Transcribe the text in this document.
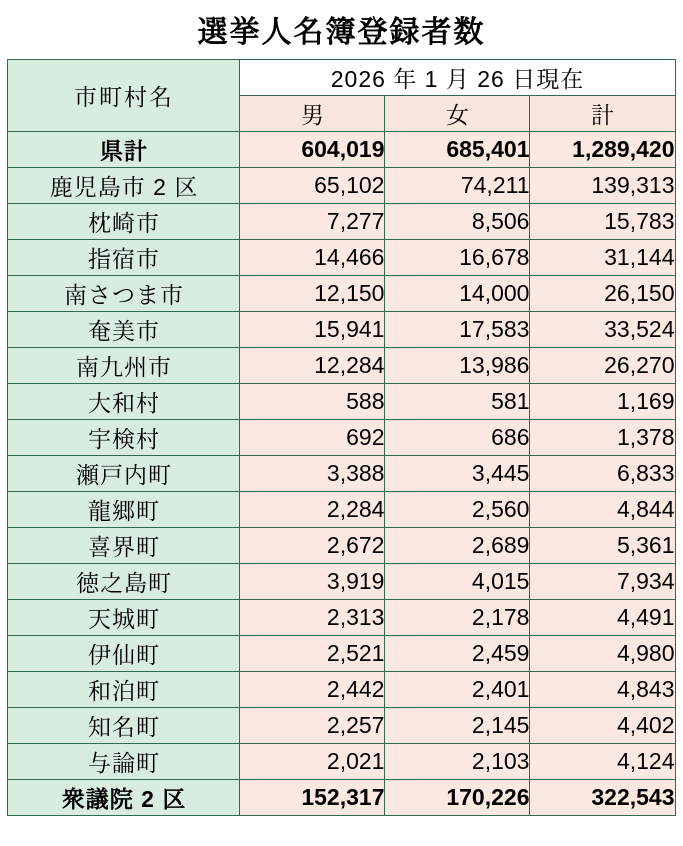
選挙人名簿登録者数
市町村名	2026 年 1 月 26 日現在		
	男	女	計
県計	604,019	685,401	1,289,420
鹿児島市 2 区	65,102	74,211	139,313
枕崎市	7,277	8,506	15,783
指宿市	14,466	16,678	31,144
南さつま市	12,150	14,000	26,150
奄美市	15,941	17,583	33,524
南九州市	12,284	13,986	26,270
大和村	588	581	1,169
宇検村	692	686	1,378
瀬戸内町	3,388	3,445	6,833
龍郷町	2,284	2,560	4,844
喜界町	2,672	2,689	5,361
徳之島町	3,919	4,015	7,934
天城町	2,313	2,178	4,491
伊仙町	2,521	2,459	4,980
和泊町	2,442	2,401	4,843
知名町	2,257	2,145	4,402
与論町	2,021	2,103	4,124
衆議院 2 区	152,317	170,226	322,543
